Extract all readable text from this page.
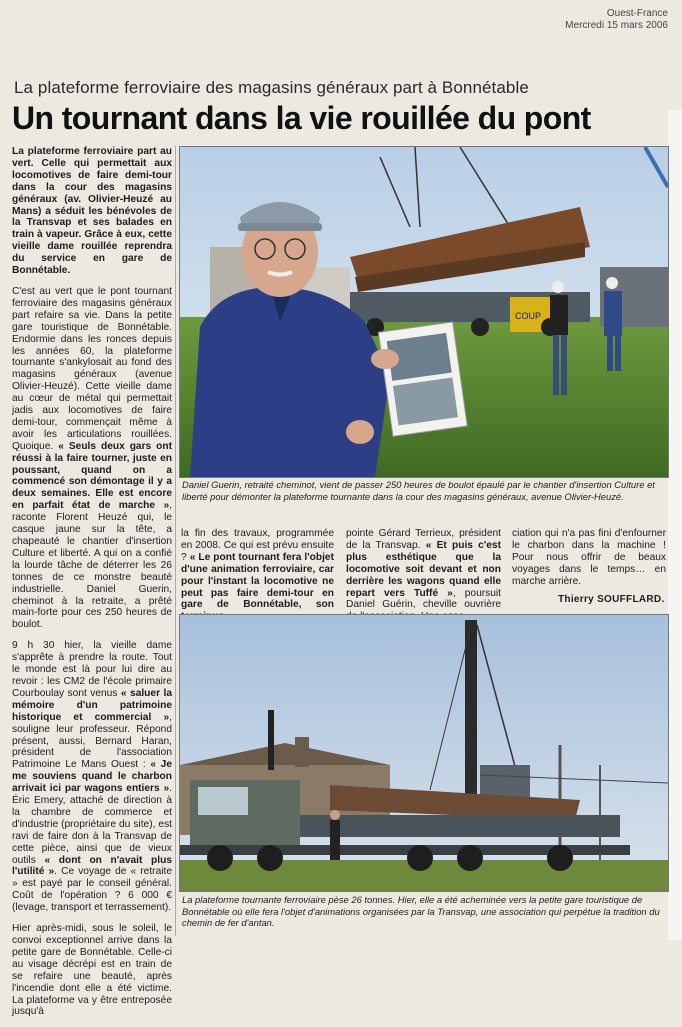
Ouest-France
Mercredi 15 mars 2006
La plateforme ferroviaire des magasins généraux part à Bonnétable
Un tournant dans la vie rouillée du pont

La plateforme ferroviaire part au vert. Celle qui permettait aux locomotives de faire demi-tour dans la cour des magasins généraux (av. Olivier-Heuzé au Mans) a séduit les bénévoles de la Transvap et ses balades en train à vapeur. Grâce à eux, cette vieille dame rouillée reprendra du service en gare de Bonnétable.

C'est au vert que le pont tournant ferroviaire des magasins généraux part refaire sa vie. Dans la petite gare touristique de Bonnétable. Endormie dans les ronces depuis les années 60, la plateforme tournante s'ankylosait au fond des magasins généraux (avenue Olivier-Heuzé). Cette vieille dame au cœur de métal qui permettait jadis aux locomotives de faire demi-tour, commençait même à avoir les articulations rouillées. Quoique. « Seuls deux gars ont réussi à la faire tourner, juste en poussant, quand on a commencé son démontage il y a deux semaines. Elle est encore en parfait état de marche », raconte Florent Heuzé qui, le casque jaune sur la tête, a chapeauté le chantier d'insertion Culture et liberté. A qui on a confié la lourde tâche de déterrer les 26 tonnes de ce monstre beauté industrielle. Daniel Guerin, cheminot à la retraite, a prêté main-forte pour ces 250 heures de boulot.

9 h 30 hier, la vieille dame s'apprête à prendre la route. Tout le monde est là pour lui dire au revoir : les CM2 de l'école primaire Courboulay sont venus « saluer la mémoire d'un patrimoine historique et commercial », souligne leur professeur. Répond présent, aussi, Bernard Haran, président de l'association Patrimoine Le Mans Ouest : « Je me souviens quand le charbon arrivait ici par wagons entiers ». Éric Emery, attaché de direction à la chambre de commerce et d'industrie (propriétaire du site), est ravi de faire don à la Transvap de cette pièce, ainsi que de vieux outils « dont on n'avait plus l'utilité ». Ce voyage de « retraite » est payé par le conseil général. Coût de l'opération ? 6 000 € (levage, transport et terrassement).

Hier après-midi, sous le soleil, le convoi exceptionnel arrive dans la petite gare de Bonnétable. Celle-ci au visage décrépi est en train de se refaire une beauté, après l'incendie dont elle a été victime. La plateforme va y être entreposée jusqu'à

COUP
Daniel Guerin, retraité cheminot, vient de passer 250 heures de boulot épaulé par le chantier d'insertion Culture et liberté pour démonter la plateforme tournante dans la cour des magasins généraux, avenue Olivier-Heuzé.

la fin des travaux, programmée en 2008. Ce qui est prévu ensuite ? « Le pont tournant fera l'objet d'une animation ferroviaire, car pour l'instant la locomotive ne peut pas faire demi-tour en gare de Bonnétable, son

pointe Gérard Terrieux, président de la Transvap. « Et puis c'est plus esthétique que la locomotive soit devant et non derrière les wagons quand elle repart vers Tuffé », poursuit Daniel Guérin, cheville ouvrière

ciation qui n'a pas fini d'enfourner le charbon dans la machine ! Pour nous offrir de beaux voyages dans le temps… en marche arrière.

Thierry SOUFFLARD.
La plateforme tournante ferroviaire pèse 26 tonnes. Hier, elle a été acheminée vers la petite gare touristique de Bonnétable où elle fera l'objet d'animations organisées par la Transvap, une association qui perpétue la tradition du chemin de fer d'antan.
